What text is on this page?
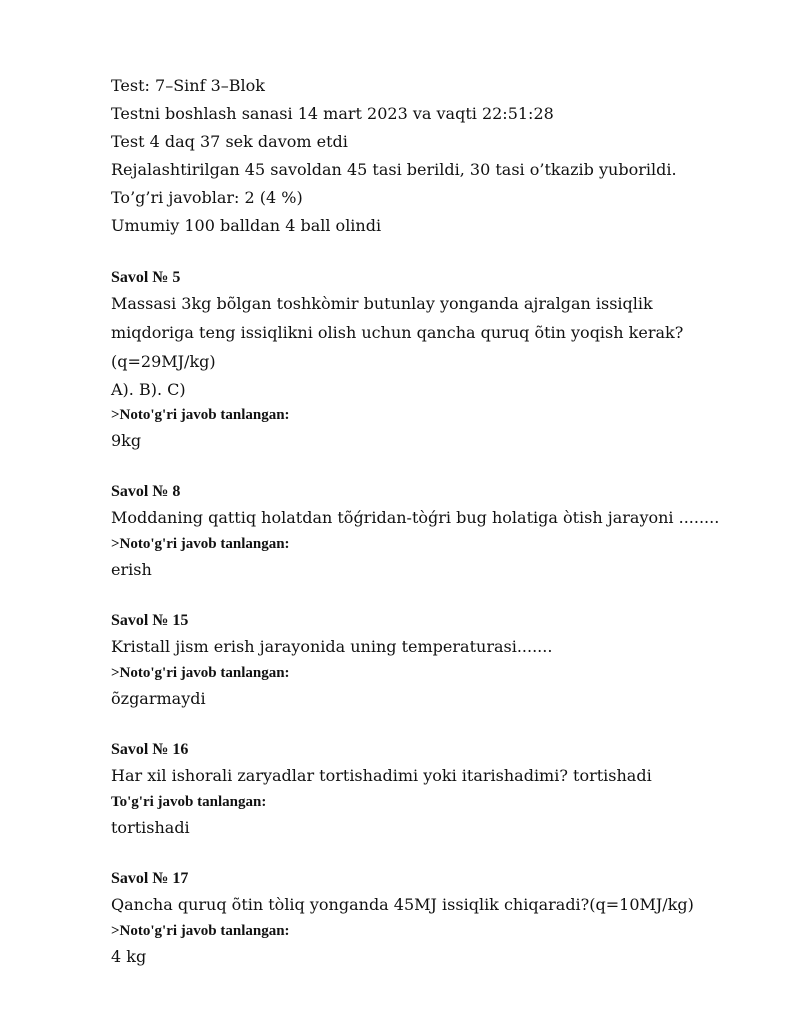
Test: 7–Sinf 3–Blok

Testni boshlash sanasi 14 mart 2023 va vaqti 22:51:28

Test 4 daq 37 sek davom etdi

Rejalashtirilgan 45 savoldan 45 tasi berildi, 30 tasi o’tkazib yuborildi.

To’g’ri javoblar: 2 (4 %)

Umumiy 100 balldan 4 ball olindi

Savol № 5

Massasi 3kg bõlgan toshkòmir butunlay yonganda ajralgan issiqlik miqdoriga teng issiqlikni olish uchun qancha quruq õtin yoqish kerak?(q=29MJ/kg)

A). B). C)

>Noto'g'ri javob tanlangan:

9kg

Savol № 8

Moddaning qattiq holatdan tõǵridan-tòǵri bug holatiga òtish jarayoni ........

>Noto'g'ri javob tanlangan:

erish

Savol № 15

Kristall jism erish jarayonida uning temperaturasi.......

>Noto'g'ri javob tanlangan:

õzgarmaydi

Savol № 16

Har xil ishorali zaryadlar tortishadimi yoki itarishadimi? tortishadi

To'g'ri javob tanlangan:

tortishadi

Savol № 17

Qancha quruq õtin tòliq yonganda 45MJ issiqlik chiqaradi?(q=10MJ/kg)

>Noto'g'ri javob tanlangan:

4 kg
